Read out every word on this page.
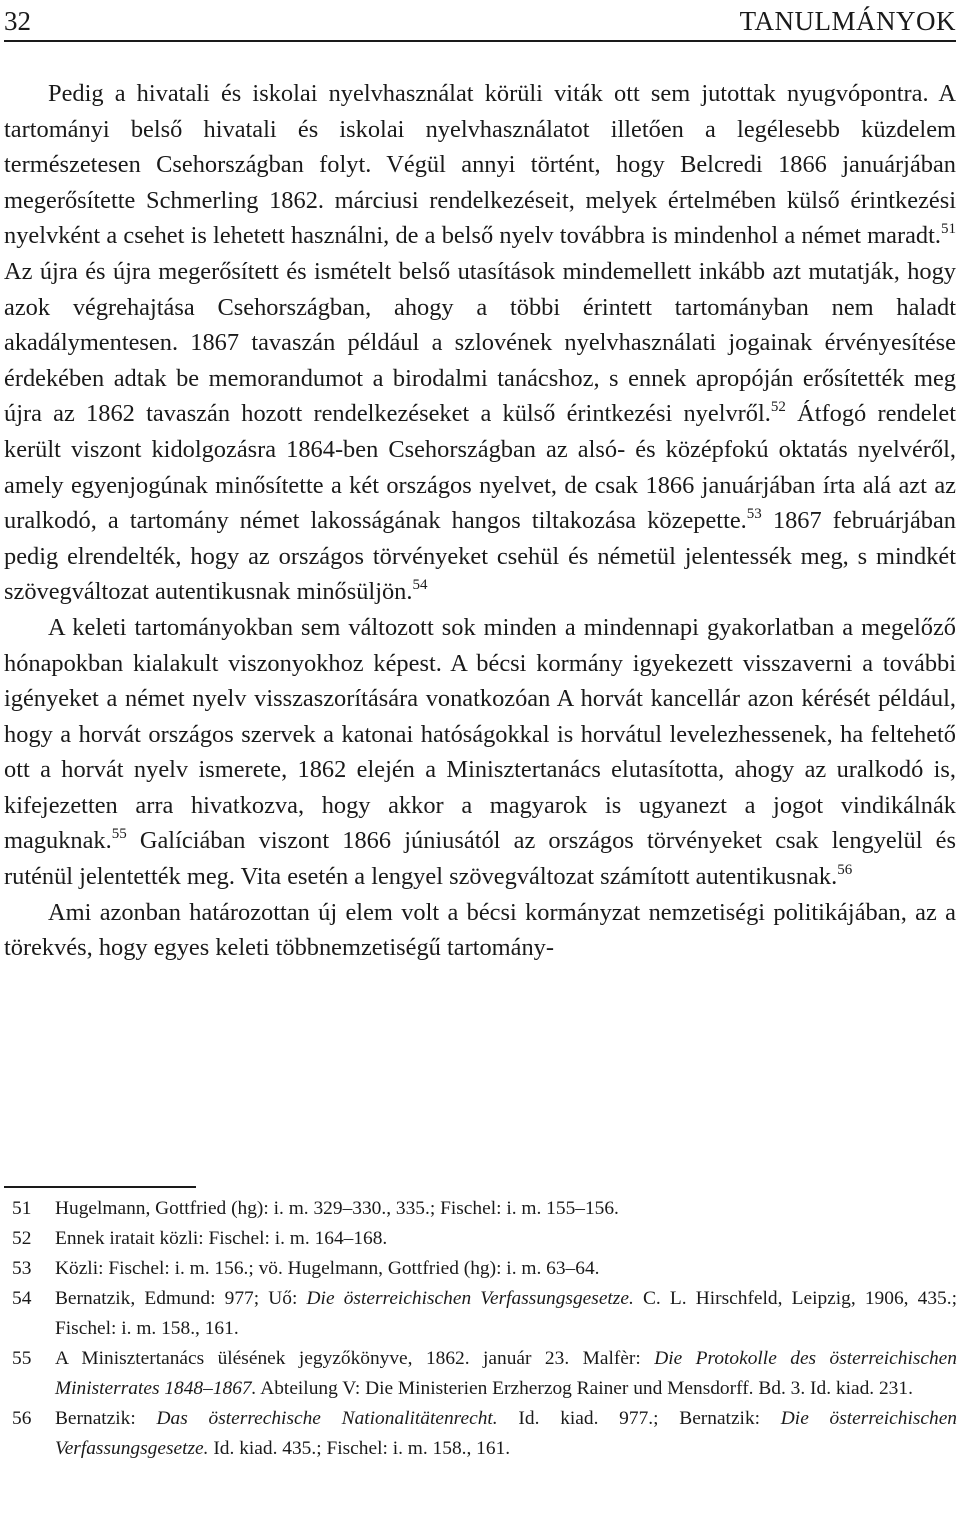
32	TANULMÁNYOK

Pedig a hivatali és iskolai nyelvhasználat körüli viták ott sem jutottak nyugvópontra. A tartományi belső hivatali és iskolai nyelvhasználatot illetően a legélesebb küzdelem természetesen Csehországban folyt. Végül annyi történt, hogy Belcredi 1866 januárjában megerősítette Schmerling 1862. márciusi rendelkezéseit, melyek értelmében külső érintkezési nyelvként a csehet is lehetett használni, de a belső nyelv továbbra is mindenhol a német maradt.$^{51}$ Az újra és újra megerősített és ismételt belső utasítások mindemellett inkább azt mutatják, hogy azok végrehajtása Csehországban, ahogy a többi érintett tartományban nem haladt akadálymentesen. 1867 tavaszán például a szlovének nyelvhasználati jogainak érvényesítése érdekében adtak be memorandumot a birodalmi tanácshoz, s ennek apropóján erősítették meg újra az 1862 tavaszán hozott rendelkezéseket a külső érintkezési nyelvről.$^{52}$ Átfogó rendelet került viszont kidolgozásra 1864-ben Csehországban az alsó- és középfokú oktatás nyelvéről, amely egyenjogúnak minősítette a két országos nyelvet, de csak 1866 januárjában írta alá azt az uralkodó, a tartomány német lakosságának hangos tiltakozása közepette.$^{53}$ 1867 februárjában pedig elrendelték, hogy az országos törvényeket csehül és németül jelentessék meg, s mindkét szövegváltozat autentikusnak minősüljön.$^{54}$

A keleti tartományokban sem változott sok minden a mindennapi gyakorlatban a megelőző hónapokban kialakult viszonyokhoz képest. A bécsi kormány igyekezett visszaverni a további igényeket a német nyelv visszaszorítására vonatkozóan A horvát kancellár azon kérését például, hogy a horvát országos szervek a katonai hatóságokkal is horvátul levelezhessenek, ha feltehető ott a horvát nyelv ismerete, 1862 elején a Minisztertanács elutasította, ahogy az uralkodó is, kifejezetten arra hivatkozva, hogy akkor a magyarok is ugyanezt a jogot vindikálnák maguknak.$^{55}$ Galíciában viszont 1866 júniusától az országos törvényeket csak lengyelül és ruténül jelentették meg. Vita esetén a lengyel szövegváltozat számított autentikusnak.$^{56}$

Ami azonban határozottan új elem volt a bécsi kormányzat nemzetiségi politikájában, az a törekvés, hogy egyes keleti többnemzetiségű tartomány-

51	Hugelmann, Gottfried (hg): i. m. 329–330., 335.; Fischel: i. m. 155–156.
52	Ennek iratait közli: Fischel: i. m. 164–168.
53	Közli: Fischel: i. m. 156.; vö. Hugelmann, Gottfried (hg): i. m. 63–64.
54	Bernatzik, Edmund: 977; Uő: Die österreichischen Verfassungsgesetze. C. L. Hirschfeld, Leipzig, 1906, 435.; Fischel: i. m. 158., 161.
55	A Minisztertanács ülésének jegyzőkönyve, 1862. január 23. Malfèr: Die Protokolle des österreichischen Ministerrates 1848–1867. Abteilung V: Die Ministerien Erzherzog Rainer und Mensdorff. Bd. 3. Id. kiad. 231.
56	Bernatzik: Das österrechische Nationalitätenrecht. Id. kiad. 977.; Bernatzik: Die österreichischen Verfassungsgesetze. Id. kiad. 435.; Fischel: i. m. 158., 161.
